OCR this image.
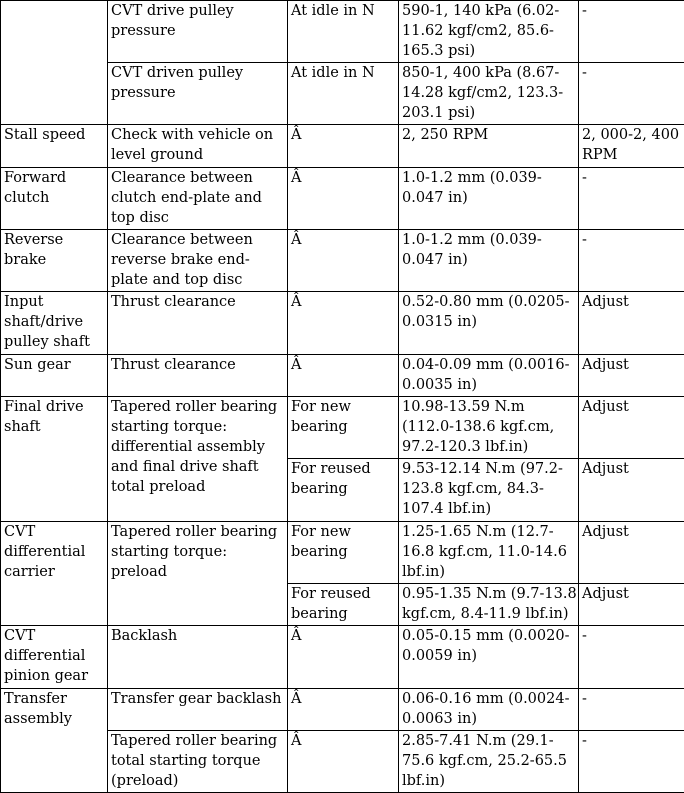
	CVT drive pulley pressure	At idle in N	590-1, 140 kPa (6.02-11.62 kgf/cm2, 85.6-165.3 psi)	-
	CVT driven pulley pressure	At idle in N	850-1, 400 kPa (8.67-14.28 kgf/cm2, 123.3-203.1 psi)	-
Stall speed	Check with vehicle on level ground	Â	2, 250 RPM	2, 000-2, 400 RPM
Forward clutch	Clearance between clutch end-plate and top disc	Â	1.0-1.2 mm (0.039-0.047 in)	-
Reverse brake	Clearance between reverse brake end-plate and top disc	Â	1.0-1.2 mm (0.039-0.047 in)	-
Input shaft/drive pulley shaft	Thrust clearance	Â	0.52-0.80 mm (0.0205-0.0315 in)	Adjust
Sun gear	Thrust clearance	Â	0.04-0.09 mm (0.0016-0.0035 in)	Adjust
Final drive shaft	Tapered roller bearing starting torque: differential assembly and final drive shaft total preload	For new bearing	10.98-13.59 N.m (112.0-138.6 kgf.cm, 97.2-120.3 lbf.in)	Adjust
		For reused bearing	9.53-12.14 N.m (97.2-123.8 kgf.cm, 84.3-107.4 lbf.in)	Adjust
CVT differential carrier	Tapered roller bearing starting torque: preload	For new bearing	1.25-1.65 N.m (12.7-16.8 kgf.cm, 11.0-14.6 lbf.in)	Adjust
		For reused bearing	0.95-1.35 N.m (9.7-13.8 kgf.cm, 8.4-11.9 lbf.in)	Adjust
CVT differential pinion gear	Backlash	Â	0.05-0.15 mm (0.0020-0.0059 in)	-
Transfer assembly	Transfer gear backlash	Â	0.06-0.16 mm (0.0024-0.0063 in)	-
	Tapered roller bearing total starting torque (preload)	Â	2.85-7.41 N.m (29.1-75.6 kgf.cm, 25.2-65.5 lbf.in)	-
